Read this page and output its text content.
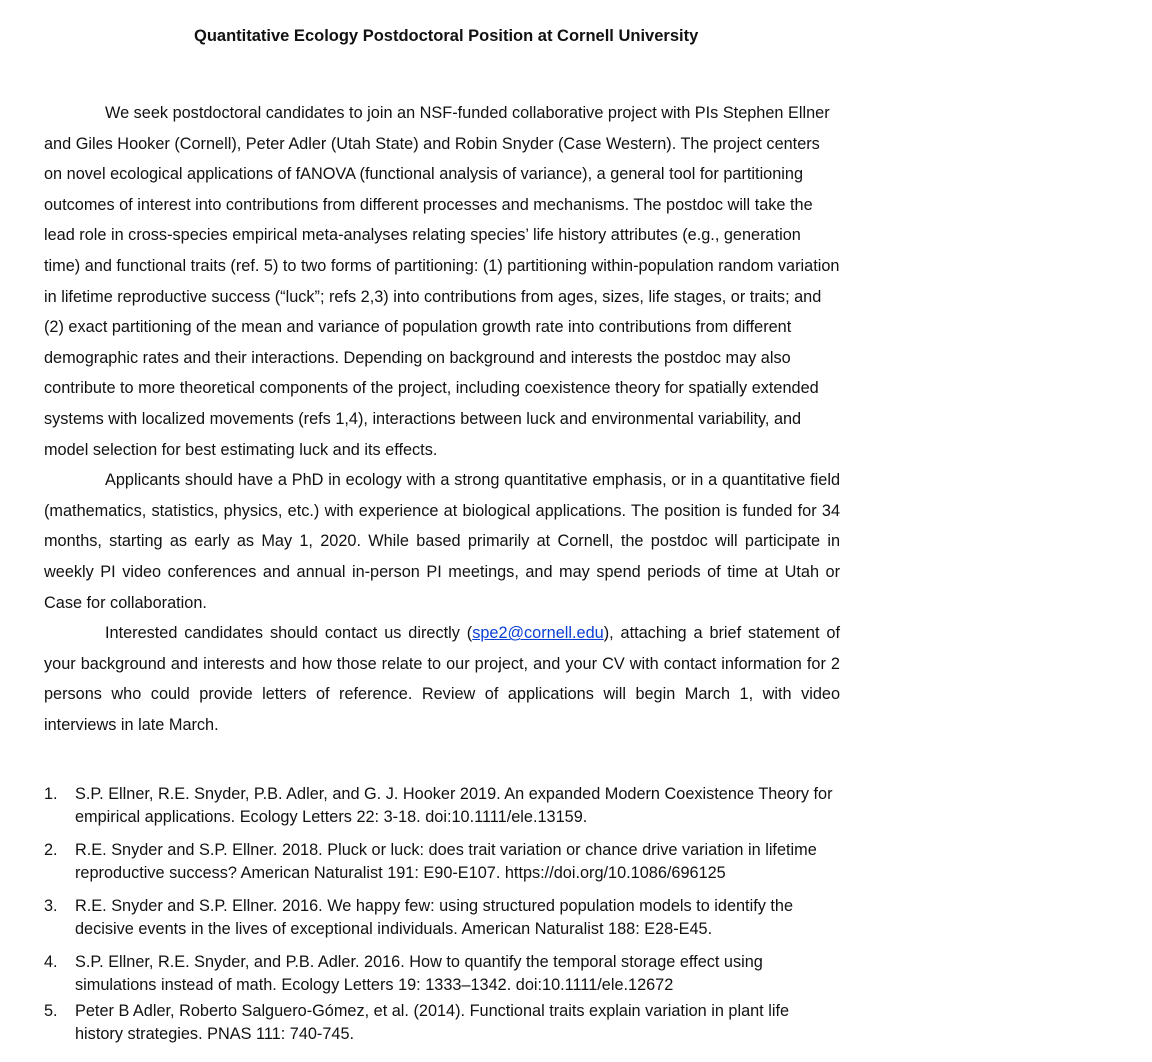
Quantitative Ecology Postdoctoral Position at Cornell University

We seek postdoctoral candidates to join an NSF-funded collaborative project with PIs Stephen Ellner and Giles Hooker (Cornell), Peter Adler (Utah State) and Robin Snyder (Case Western). The project centers on novel ecological applications of fANOVA (functional analysis of variance), a general tool for partitioning outcomes of interest into contributions from different processes and mechanisms. The postdoc will take the lead role in cross-species empirical meta-analyses relating species’ life history attributes (e.g., generation time) and functional traits (ref. 5) to two forms of partitioning: (1) partitioning within-population random variation in lifetime reproductive success (“luck”; refs 2,3) into contributions from ages, sizes, life stages, or traits; and (2) exact partitioning of the mean and variance of population growth rate into contributions from different demographic rates and their interactions. Depending on background and interests the postdoc may also contribute to more theoretical components of the project, including coexistence theory for spatially extended systems with localized movements (refs 1,4), interactions between luck and environmental variability, and model selection for best estimating luck and its effects.

Applicants should have a PhD in ecology with a strong quantitative emphasis, or in a quantitative field (mathematics, statistics, physics, etc.) with experience at biological applications. The position is funded for 34 months, starting as early as May 1, 2020. While based primarily at Cornell, the postdoc will participate in weekly PI video conferences and annual in-person PI meetings, and may spend periods of time at Utah or Case for collaboration.

Interested candidates should contact us directly (spe2@cornell.edu), attaching a brief statement of your background and interests and how those relate to our project, and your CV with contact information for 2 persons who could provide letters of reference. Review of applications will begin March 1, with video interviews in late March.

1. S.P. Ellner, R.E. Snyder, P.B. Adler, and G. J. Hooker 2019. An expanded Modern Coexistence Theory for empirical applications. Ecology Letters 22: 3-18. doi:10.1111/ele.13159.
2. R.E. Snyder and S.P. Ellner. 2018. Pluck or luck: does trait variation or chance drive variation in lifetime reproductive success? American Naturalist 191: E90-E107. https://doi.org/10.1086/696125
3. R.E. Snyder and S.P. Ellner. 2016. We happy few: using structured population models to identify the decisive events in the lives of exceptional individuals. American Naturalist 188: E28-E45.
4. S.P. Ellner, R.E. Snyder, and P.B. Adler. 2016. How to quantify the temporal storage effect using simulations instead of math. Ecology Letters 19: 1333–1342. doi:10.1111/ele.12672
5. Peter B Adler, Roberto Salguero-Gómez, et al. (2014). Functional traits explain variation in plant life history strategies. PNAS 111: 740-745.
